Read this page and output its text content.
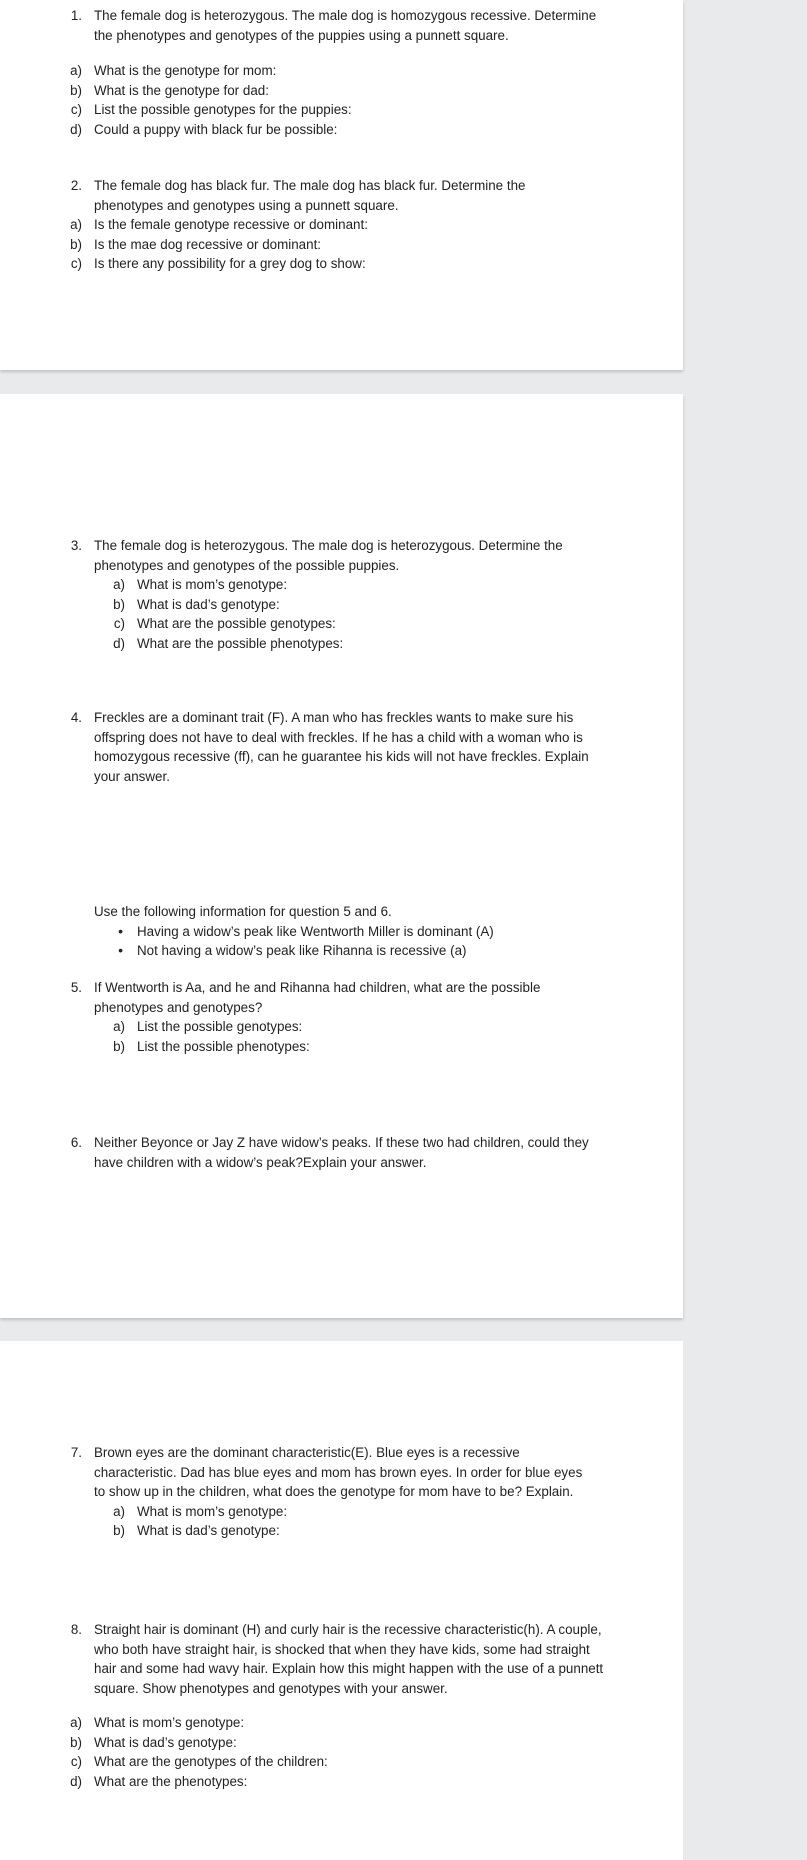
1. The female dog is heterozygous. The male dog is homozygous recessive. Determine the phenotypes and genotypes of the puppies using a punnett square.
a) What is the genotype for mom:
b) What is the genotype for dad:
c) List the possible genotypes for the puppies:
d) Could a puppy with black fur be possible:
2. The female dog has black fur. The male dog has black fur. Determine the phenotypes and genotypes using a punnett square.
a) Is the female genotype recessive or dominant:
b) Is the mae dog recessive or dominant:
c) Is there any possibility for a grey dog to show:
3. The female dog is heterozygous. The male dog is heterozygous. Determine the phenotypes and genotypes of the possible puppies.
a) What is mom’s genotype:
b) What is dad’s genotype:
c) What are the possible genotypes:
d) What are the possible phenotypes:
4. Freckles are a dominant trait (F). A man who has freckles wants to make sure his offspring does not have to deal with freckles. If he has a child with a woman who is homozygous recessive (ff), can he guarantee his kids will not have freckles. Explain your answer.
Use the following information for question 5 and 6.
•	Having a widow’s peak like Wentworth Miller is dominant (A)
•	Not having a widow’s peak like Rihanna is recessive (a)
5. If Wentworth is Aa, and he and Rihanna had children, what are the possible phenotypes and genotypes?
a) List the possible genotypes:
b) List the possible phenotypes:
6. Neither Beyonce or Jay Z have widow’s peaks. If these two had children, could they have children with a widow’s peak?Explain your answer.
7. Brown eyes are the dominant characteristic(E). Blue eyes is a recessive characteristic. Dad has blue eyes and mom has brown eyes. In order for blue eyes to show up in the children, what does the genotype for mom have to be? Explain.
a) What is mom’s genotype:
b) What is dad’s genotype:
8. Straight hair is dominant (H) and curly hair is the recessive characteristic(h). A couple, who both have straight hair, is shocked that when they have kids, some had straight hair and some had wavy hair. Explain how this might happen with the use of a punnett square. Show phenotypes and genotypes with your answer.
a) What is mom’s genotype:
b) What is dad’s genotype:
c) What are the genotypes of the children:
d) What are the phenotypes:
